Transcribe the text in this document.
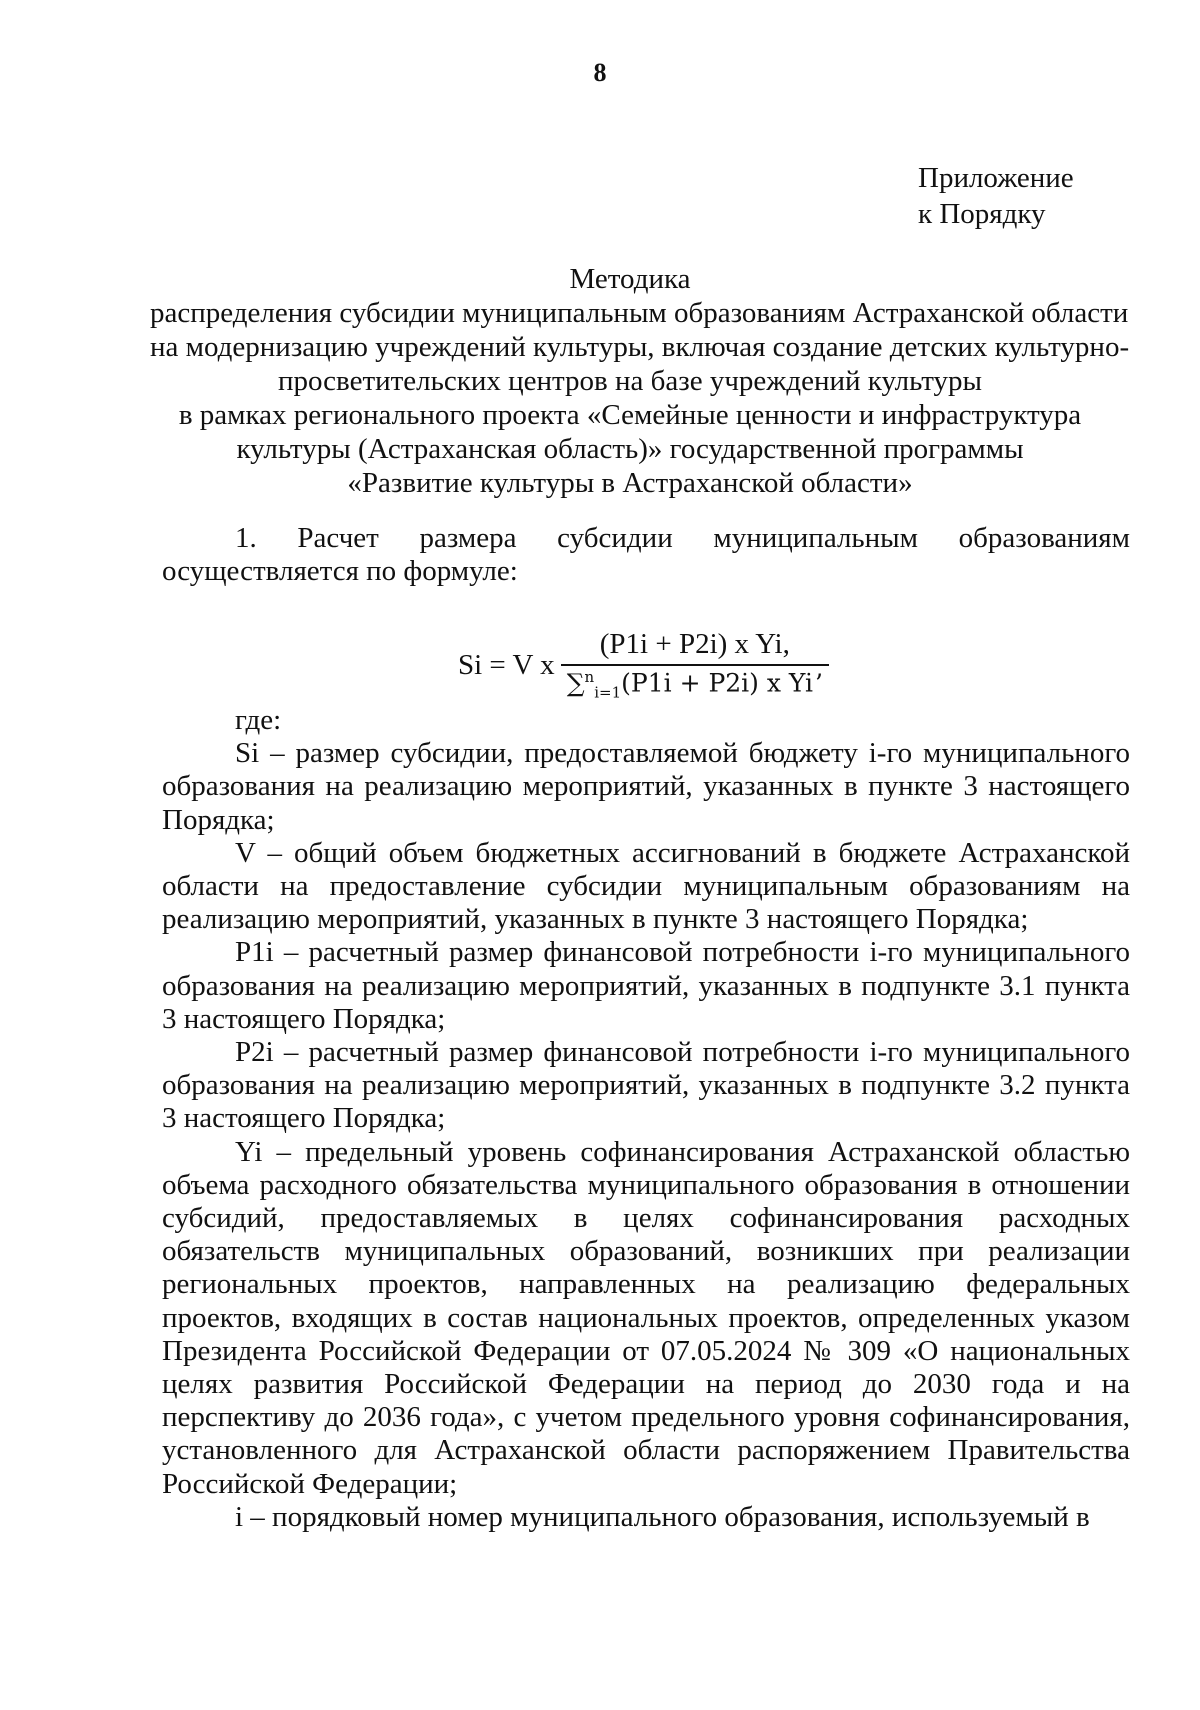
8
Приложение
к Порядку
Методика
распределения субсидии муниципальным образованиям Астраханской области
на модернизацию учреждений культуры, включая создание детских культурно-
просветительских центров на базе учреждений культуры
в рамках регионального проекта «Семейные ценности и инфраструктура
культуры (Астраханская область)» государственной программы
«Развитие культуры в Астраханской области»

1. Расчет размера субсидии муниципальным образованиям осуществляется по формуле:

Si = V x $\frac{\text{(P1i + P2i) x Yi,}}{\sum^n_{i=1}(P1i + P2i) x Yi’}$

где:

Si – размер субсидии, предоставляемой бюджету i-го муниципального образования на реализацию мероприятий, указанных в пункте 3 настоящего Порядка;

V – общий объем бюджетных ассигнований в бюджете Астраханской области на предоставление субсидии муниципальным образованиям на реализацию мероприятий, указанных в пункте 3 настоящего Порядка;

P1i – расчетный размер финансовой потребности i-го муниципального образования на реализацию мероприятий, указанных в подпункте 3.1 пункта 3 настоящего Порядка;

P2i – расчетный размер финансовой потребности i-го муниципального образования на реализацию мероприятий, указанных в подпункте 3.2 пункта 3 настоящего Порядка;

Yi – предельный уровень софинансирования Астраханской областью объема расходного обязательства муниципального образования в отношении субсидий, предоставляемых в целях софинансирования расходных обязательств муниципальных образований, возникших при реализации региональных проектов, направленных на реализацию федеральных проектов, входящих в состав национальных проектов, определенных указом Президента Российской Федерации от 07.05.2024 № 309 «О национальных целях развития Российской Федерации на период до 2030 года и на перспективу до 2036 года», с учетом предельного уровня софинансирования, установленного для Астраханской области распоряжением Правительства Российской Федерации;

i – порядковый номер муниципального образования, используемый в
